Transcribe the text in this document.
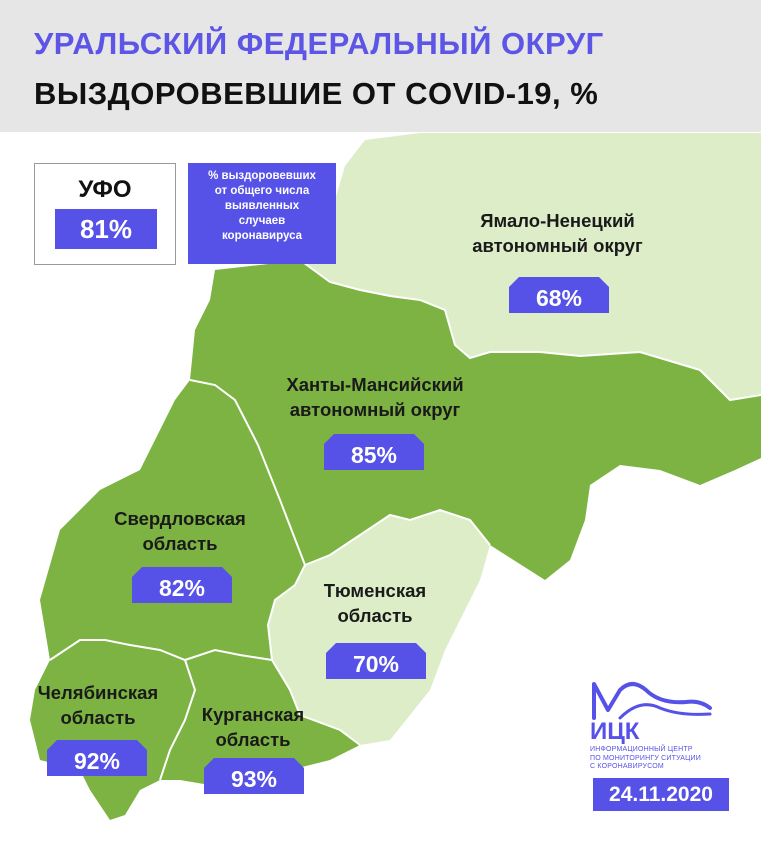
УРАЛЬСКИЙ ФЕДЕРАЛЬНЫЙ ОКРУГ
ВЫЗДОРОВЕВШИЕ ОТ COVID-19, %
УФО
81%
% выздоровевших
от общего числа
выявленных
случаев
коронавируса
Ямало-Ненецкий
автономный округ
68%
Ханты-Мансийский
автономный округ
85%
Свердловская
область
82%	Тюменская
область
70%
Челябинская
область
92%
Курганская
область
93%
ИЦК
ИНФОРМАЦИОННЫЙ ЦЕНТР
ПО МОНИТОРИНГУ СИТУАЦИИ
С КОРОНАВИРУСОМ
24.11.2020
